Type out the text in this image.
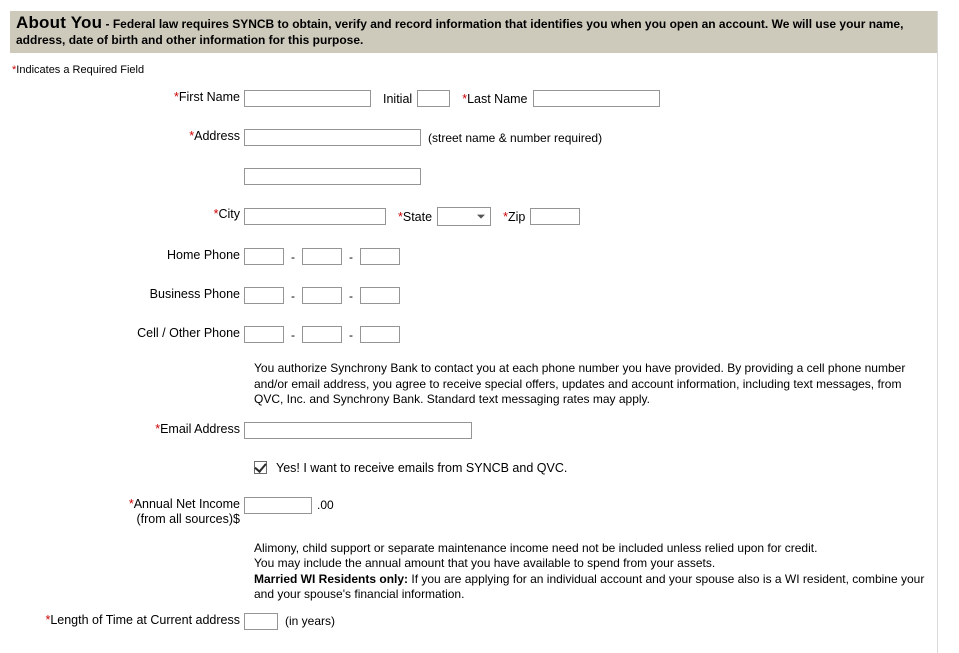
About You - Federal law requires SYNCB to obtain, verify and record information that identifies you when you open an account. We will use your name, address, date of birth and other information for this purpose.
*Indicates a Required Field
*First Name	Initial	*Last Name
*Address	(street name & number required)
*City	*State	*Zip
Home Phone	-	-
Business Phone	-	-
Cell / Other Phone	-	-
You authorize Synchrony Bank to contact you at each phone number you have provided. By providing a cell phone number and/or email address, you agree to receive special offers, updates and account information, including text messages, from QVC, Inc. and Synchrony Bank. Standard text messaging rates may apply.
*Email Address
Yes! I want to receive emails from SYNCB and QVC.
*Annual Net Income
(from all sources)$
.00
Alimony, child support or separate maintenance income need not be included unless relied upon for credit.
You may include the annual amount that you have available to spend from your assets.
Married WI Residents only: If you are applying for an individual account and your spouse also is a WI resident, combine your and your spouse's financial information.
*Length of Time at Current address	(in years)
